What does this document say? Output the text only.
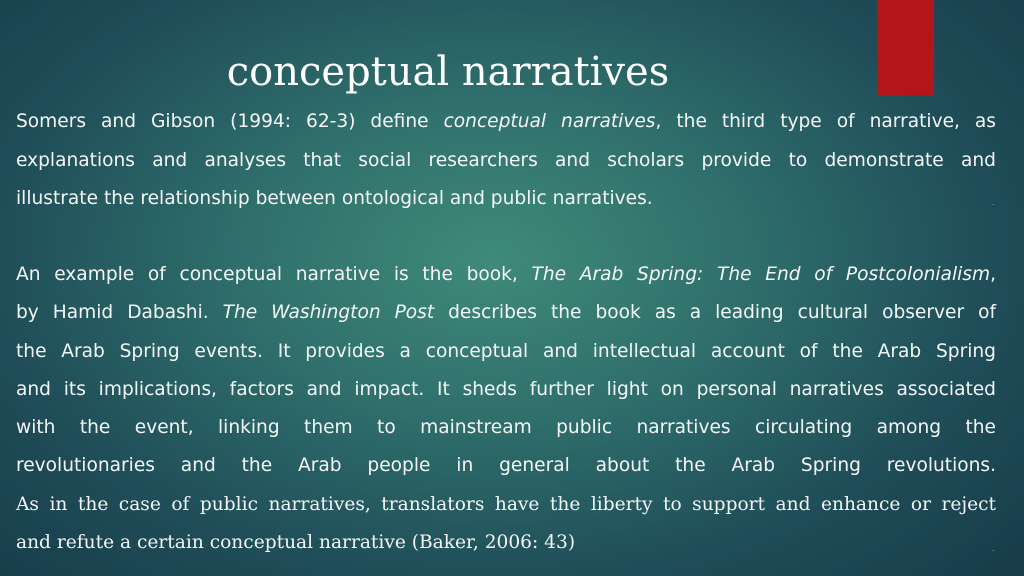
conceptual narratives
Somers and Gibson (1994: 62-3) define conceptual narratives, the third type of narrative, as
explanations and analyses that social researchers and scholars provide to demonstrate and
illustrate the relationship between ontological and public narratives.
An example of conceptual narrative is the book, The Arab Spring: The End of Postcolonialism,
by Hamid Dabashi. The Washington Post describes the book as a leading cultural observer of
the Arab Spring events. It provides a conceptual and intellectual account of the Arab Spring
and its implications, factors and impact. It sheds further light on personal narratives associated
with the event, linking them to mainstream public narratives circulating among the
revolutionaries and the Arab people in general about the Arab Spring revolutions.
As in the case of public narratives, translators have the liberty to support and enhance or reject
and refute a certain conceptual narrative (Baker, 2006: 43)
.
.
